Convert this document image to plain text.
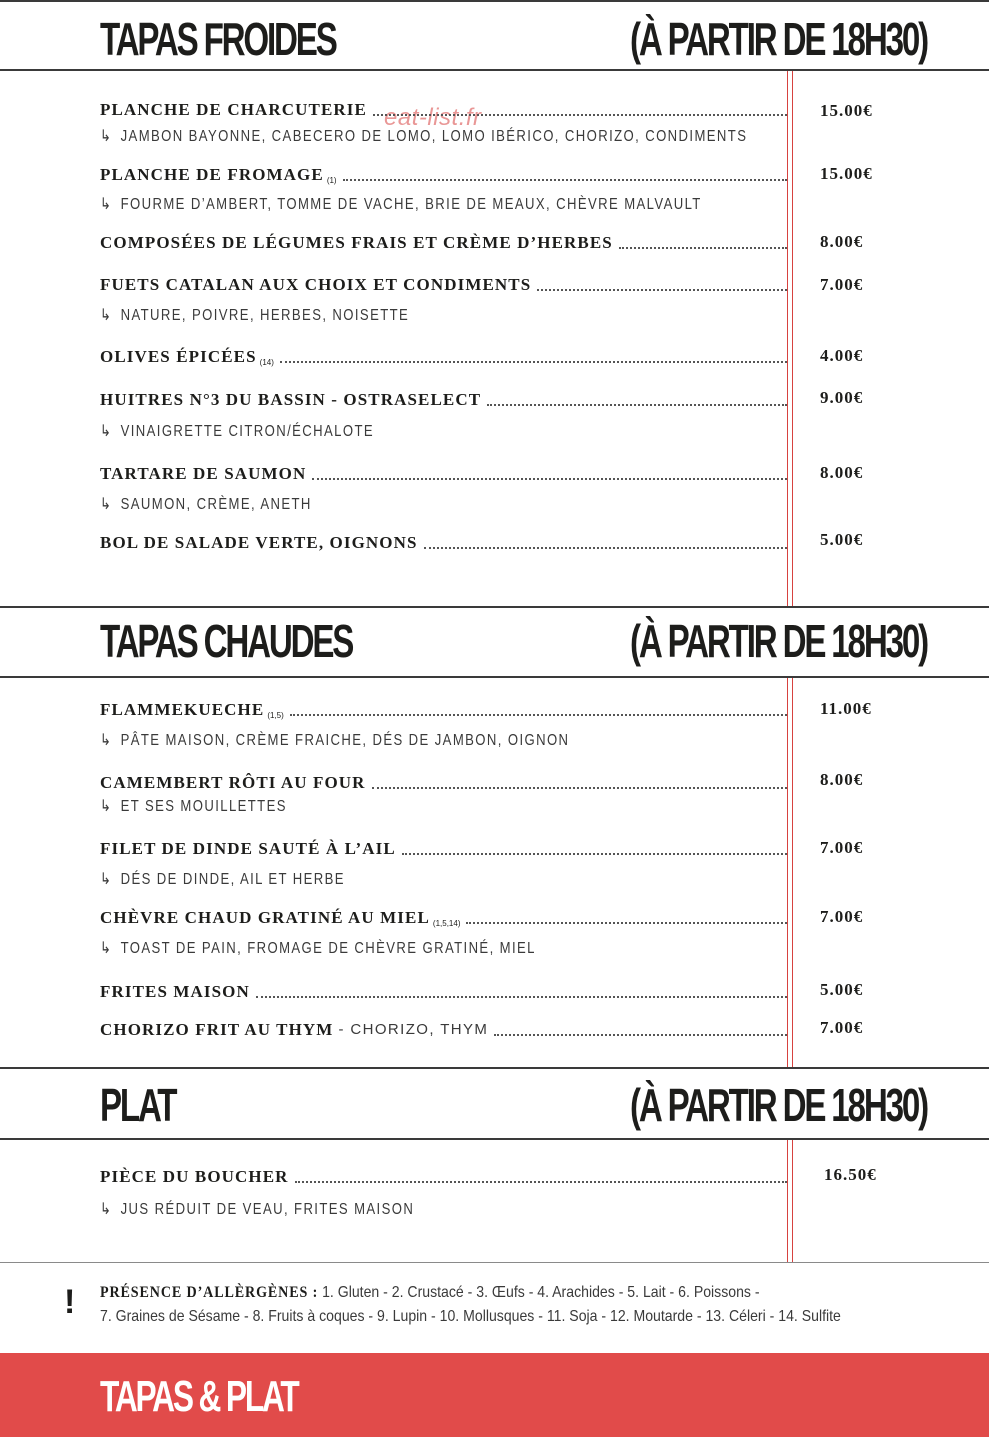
TAPAS FROIDES	(À PARTIR DE 18H30)
eat-list.fr
PLANCHE DE CHARCUTERIE	15.00€
↳ JAMBON BAYONNE, CABECERO DE LOMO, LOMO IBÉRICO, CHORIZO, CONDIMENTS
PLANCHE DE FROMAGE (1)	15.00€
↳ FOURME D’AMBERT, TOMME DE VACHE, BRIE DE MEAUX, CHÈVRE MALVAULT
COMPOSÉES DE LÉGUMES FRAIS ET CRÈME D’HERBES	8.00€
FUETS CATALAN AUX CHOIX ET CONDIMENTS	7.00€
↳ NATURE, POIVRE, HERBES, NOISETTE
OLIVES ÉPICÉES (14)	4.00€
HUITRES N°3 DU BASSIN - OSTRASELECT	9.00€
↳ VINAIGRETTE CITRON/ÉCHALOTE
TARTARE DE SAUMON	8.00€
↳ SAUMON, CRÈME, ANETH
BOL DE SALADE VERTE, OIGNONS	5.00€
TAPAS CHAUDES	(À PARTIR DE 18H30)
FLAMMEKUECHE (1,5)	11.00€
↳ PÂTE MAISON, CRÈME FRAICHE, DÉS DE JAMBON, OIGNON
CAMEMBERT RÔTI AU FOUR	8.00€
↳ ET SES MOUILLETTES
FILET DE DINDE SAUTÉ À L’AIL	7.00€
↳ DÉS DE DINDE, AIL ET HERBE
CHÈVRE CHAUD GRATINÉ AU MIEL (1,5,14)	7.00€
↳ TOAST DE PAIN, FROMAGE DE CHÈVRE GRATINÉ, MIEL
FRITES MAISON	5.00€
CHORIZO FRIT AU THYM - CHORIZO, THYM	7.00€
PLAT	(À PARTIR DE 18H30)
PIÈCE DU BOUCHER	16.50€
↳ JUS RÉDUIT DE VEAU, FRITES MAISON
! PRÉSENCE D’ALLÈRGÈNES : 1. Gluten - 2. Crustacé - 3. Œufs - 4. Arachides - 5. Lait - 6. Poissons -
7. Graines de Sésame - 8. Fruits à coques - 9. Lupin - 10. Mollusques - 11. Soja - 12. Moutarde - 13. Céleri - 14. Sulfite
TAPAS & PLAT
